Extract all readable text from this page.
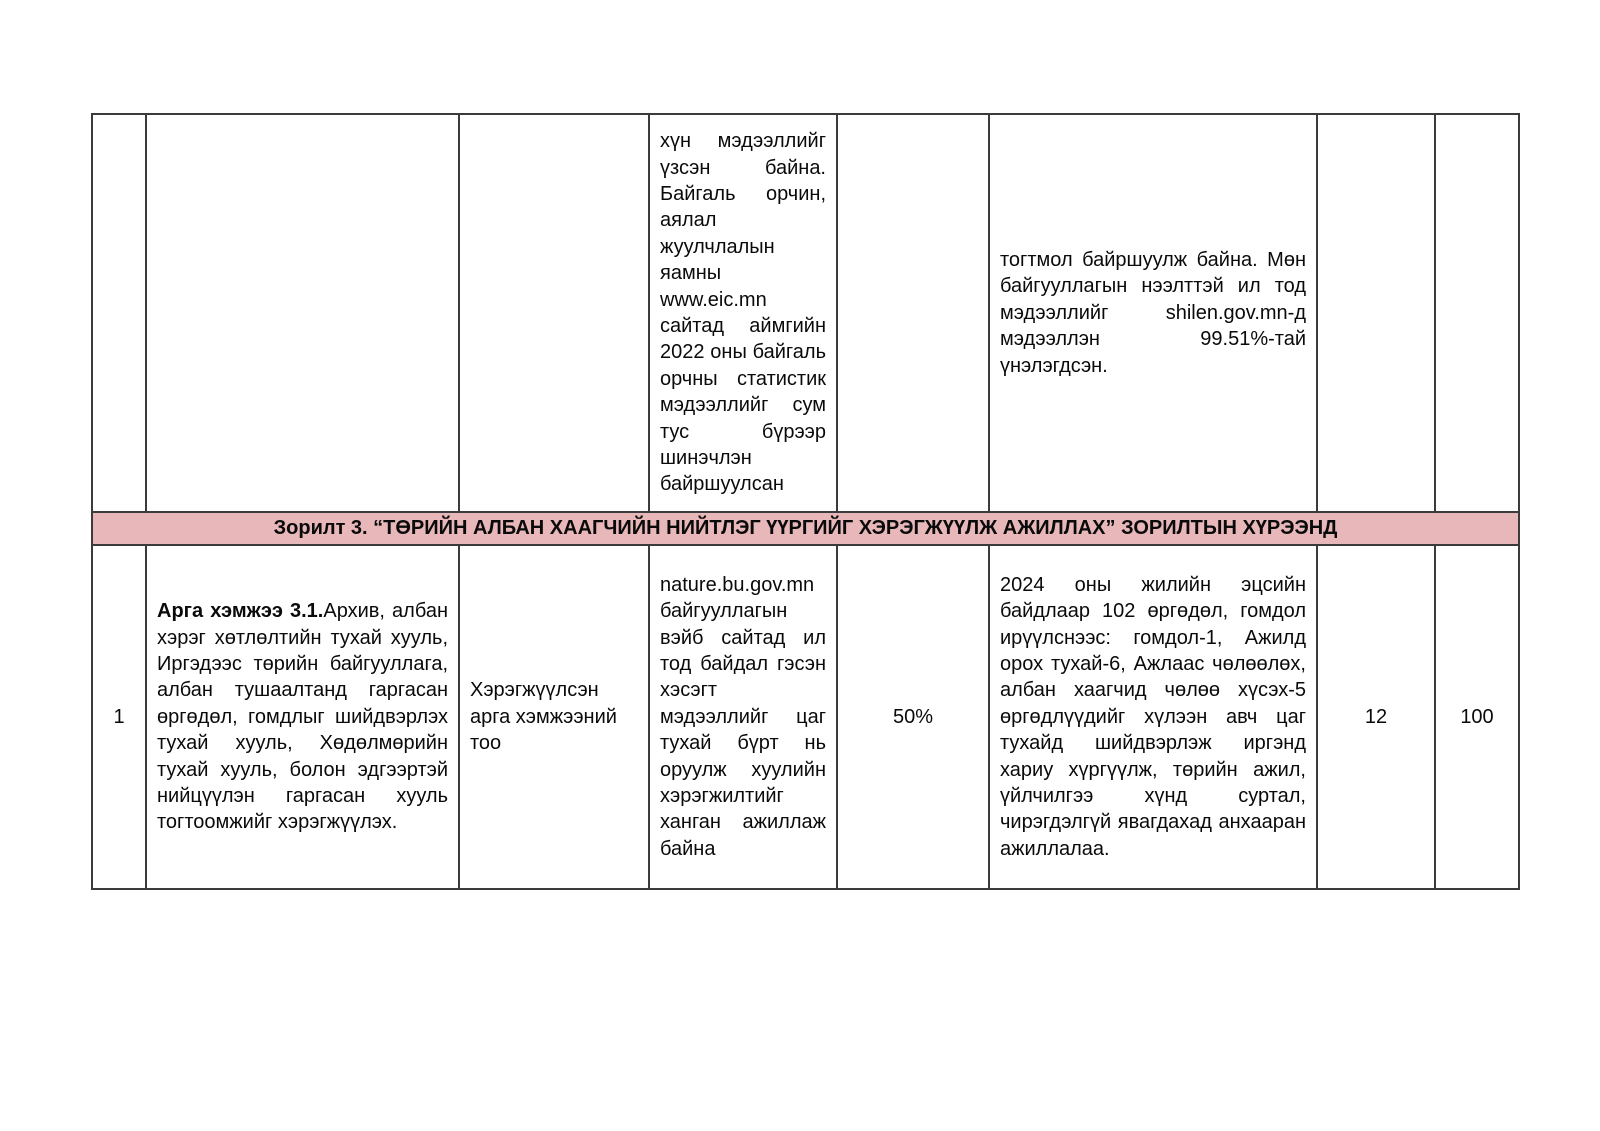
			хүн мэдээллийг үзсэн байна. Байгаль орчин, аялал жуулчлалын яамны www.eic.mn сайтад аймгийн 2022 оны байгаль орчны статистик мэдээллийг сум тус бүрээр шинэчлэн байршуулсан		тогтмол байршуулж байна. Мөн байгууллагын нээлттэй ил тод мэдээллийг shilen.gov.mn-д мэдээллэн 99.51%-тай үнэлэгдсэн.		
Зорилт 3. “ТӨРИЙН АЛБАН ХААГЧИЙН НИЙТЛЭГ ҮҮРГИЙГ ХЭРЭГЖҮҮЛЖ АЖИЛЛАХ” ЗОРИЛТЫН ХҮРЭЭНД							
1	Арга хэмжээ 3.1.Архив, албан хэрэг хөтлөлтийн тухай хууль, Иргэдээс төрийн байгууллага, албан тушаалтанд гаргасан өргөдөл, гомдлыг шийдвэрлэх тухай хууль, Хөдөлмөрийн тухай хууль, болон эдгээртэй нийцүүлэн гаргасан хууль тогтоомжийг хэрэгжүүлэх.	Хэрэгжүүлсэн арга хэмжээний тоо	nature.bu.gov.mn байгууллагын вэйб сайтад ил тод байдал гэсэн хэсэгт мэдээллийг цаг тухай бүрт нь оруулж хуулийн хэрэгжилтийг ханган ажиллаж байна	50%	2024 оны жилийн эцсийн байдлаар 102 өргөдөл, гомдол ирүүлснээс: гомдол-1, Ажилд орох тухай-6, Ажлаас чөлөөлөх, албан хаагчид чөлөө хүсэх-5 өргөдлүүдийг хүлээн авч цаг тухайд шийдвэрлэж иргэнд хариу хүргүүлж, төрийн ажил, үйлчилгээ хүнд суртал, чирэгдэлгүй явагдахад анхааран ажиллалаа.	12	100
